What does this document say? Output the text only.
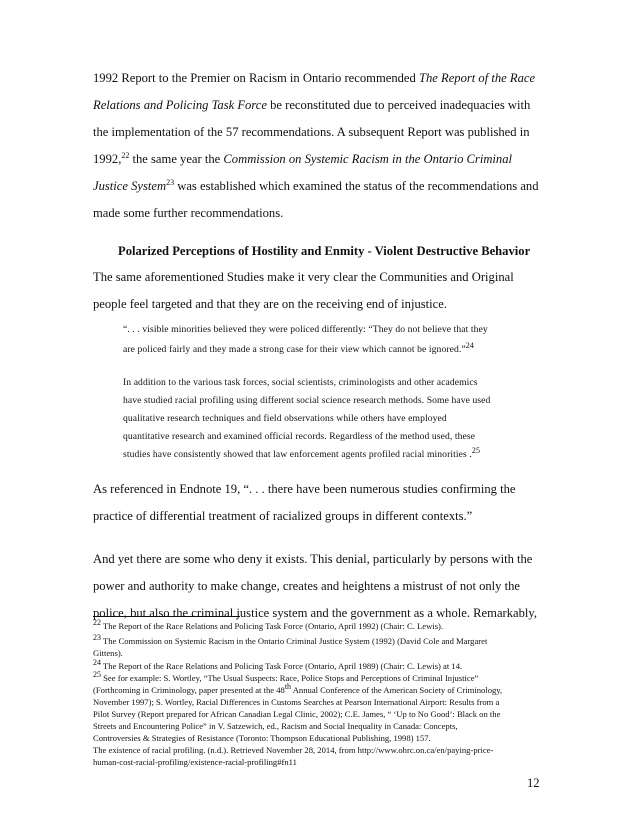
1992 Report to the Premier on Racism in Ontario recommended The Report of the Race
Relations and Policing Task Force be reconstituted due to perceived inadequacies with
the implementation of the 57 recommendations. A subsequent Report was published in
1992,22 the same year the Commission on Systemic Racism in the Ontario Criminal
Justice System$^{23}$ was established which examined the status of the recommendations and
made some further recommendations.
Polarized Perceptions of Hostility and Enmity - Violent Destructive Behavior
The same aforementioned Studies make it very clear the Communities and Original
people feel targeted and that they are on the receiving end of injustice.
“. . . visible minorities believed they were policed differently: “They do not believe that they
are policed fairly and they made a strong case for their view which cannot be ignored.”$^{24}$
In addition to the various task forces, social scientists, criminologists and other academics
have studied racial profiling using different social science research methods. Some have used
qualitative research techniques and field observations while others have employed
quantitative research and examined official records. Regardless of the method used, these
studies have consistently showed that law enforcement agents profiled racial minorities .$^{25}$
As referenced in Endnote 19, “. . . there have been numerous studies confirming the
practice of differential treatment of racialized groups in different contexts.”
And yet there are some who deny it exists. This denial, particularly by persons with the
power and authority to make change, creates and heightens a mistrust of not only the
police, but also the criminal justice system and the government as a whole. Remarkably,
$^{22}$ The Report of the Race Relations and Policing Task Force (Ontario, April 1992) (Chair: C. Lewis).
$^{23}$ The Commission on Systemic Racism in the Ontario Criminal Justice System (1992) (David Cole and Margaret
Gittens).
$^{24}$ The Report of the Race Relations and Policing Task Force (Ontario, April 1989) (Chair: C. Lewis) at 14.
$^{25}$ See for example: S. Wortley, “The Usual Suspects: Race, Police Stops and Perceptions of Criminal Injustice”
(Forthcoming in Criminology, paper presented at the 48th Annual Conference of the American Society of Criminology,
November 1997); S. Wortley, Racial Differences in Customs Searches at Pearson International Airport: Results from a
Pilot Survey (Report prepared for African Canadian Legal Clinic, 2002); C.E. James, “ ‘Up to No Good’: Black on the
Streets and Encountering Police” in V. Satzewich, ed., Racism and Social Inequality in Canada: Concepts,
Controversies & Strategies of Resistance (Toronto: Thompson Educational Publishing, 1998) 157.
The existence of racial profiling. (n.d.). Retrieved November 28, 2014, from http://www.ohrc.on.ca/en/paying-price-
human-cost-racial-profiling/existence-racial-profiling#fn11
12
